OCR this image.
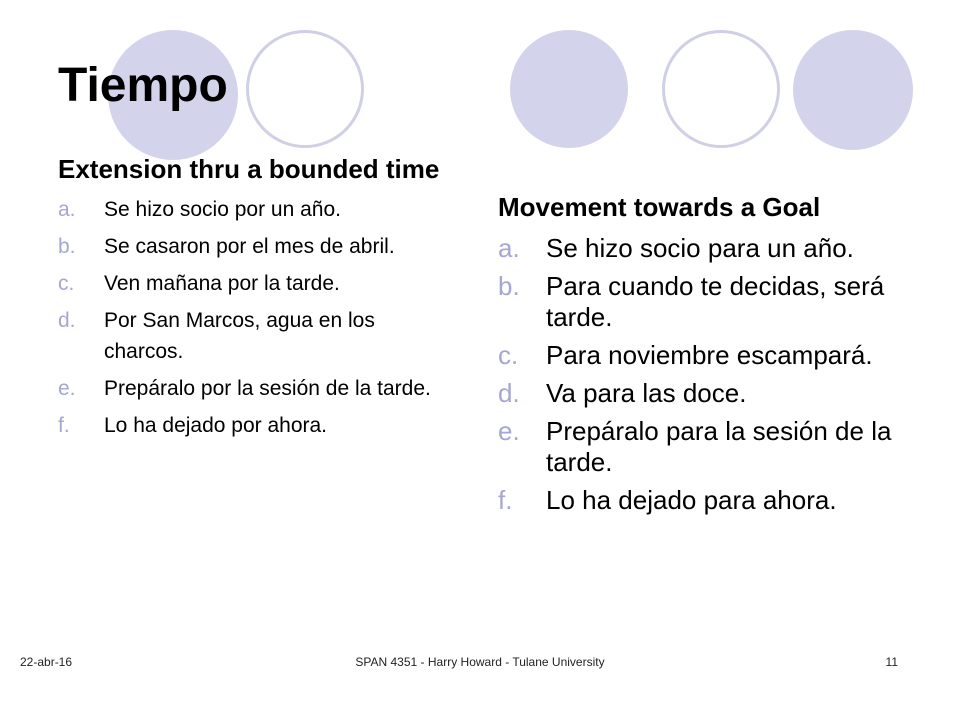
Tiempo

Extension thru a bounded time

a. Se hizo socio por un año.
b. Se casaron por el mes de abril.
c. Ven mañana por la tarde.
d. Por San Marcos, agua en los charcos.
e. Prepáralo por la sesión de la tarde.
f. Lo ha dejado por ahora.

Movement towards a Goal

a. Se hizo socio para un año.
b. Para cuando te decidas, será tarde.
c. Para noviembre escampará.
d. Va para las doce.
e. Prepáralo para la sesión de la tarde.
f. Lo ha dejado para ahora.
22-abr-16	SPAN 4351 - Harry Howard - Tulane University	11
